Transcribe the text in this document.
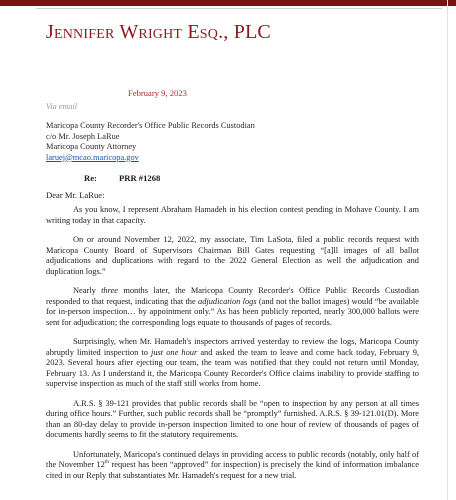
Jennifer Wright Esq., PLC
February 9, 2023
Via email
Maricopa County Recorder's Office Public Records Custodian
c/o Mr. Joseph LaRue
Maricopa County Attorney
laruej@mcao.maricopa.gov
Re:	PRR #1268
Dear Mr. LaRue:

As you know, I represent Abraham Hamadeh in his election contest pending in Mohave County. I am writing today in that capacity.

On or around November 12, 2022, my associate, Tim LaSota, filed a public records request with Maricopa County Board of Supervisors Chairman Bill Gates requesting “[a]ll images of all ballot adjudications and duplications with regard to the 2022 General Election as well the adjudication and duplication logs.”

Nearly three months later, the Maricopa County Recorder's Office Public Records Custodian responded to that request, indicating that the adjudication logs (and not the ballot images) would “be available for in-person inspection… by appointment only.” As has been publicly reported, nearly 300,000 ballots were sent for adjudication; the corresponding logs equate to thousands of pages of records.

Surprisingly, when Mr. Hamadeh's inspectors arrived yesterday to review the logs, Maricopa County abruptly limited inspection to just one hour and asked the team to leave and come back today, February 9, 2023. Several hours after ejecting our team, the team was notified that they could not return until Monday, February 13. As I understand it, the Maricopa County Recorder's Office claims inability to provide staffing to supervise inspection as much of the staff still works from home.

A.R.S. § 39-121 provides that public records shall be “open to inspection by any person at all times during office hours.” Further, such public records shall be “promptly” furnished. A.R.S. § 39-121.01(D). More than an 80-day delay to provide in-person inspection limited to one hour of review of thousands of pages of documents hardly seems to fit the statutory requirements.

Unfortunately, Maricopa's continued delays in providing access to public records (notably, only half of the November 12th request has been “approved” for inspection) is precisely the kind of information imbalance cited in our Reply that substantiates Mr. Hamadeh's request for a new trial.
